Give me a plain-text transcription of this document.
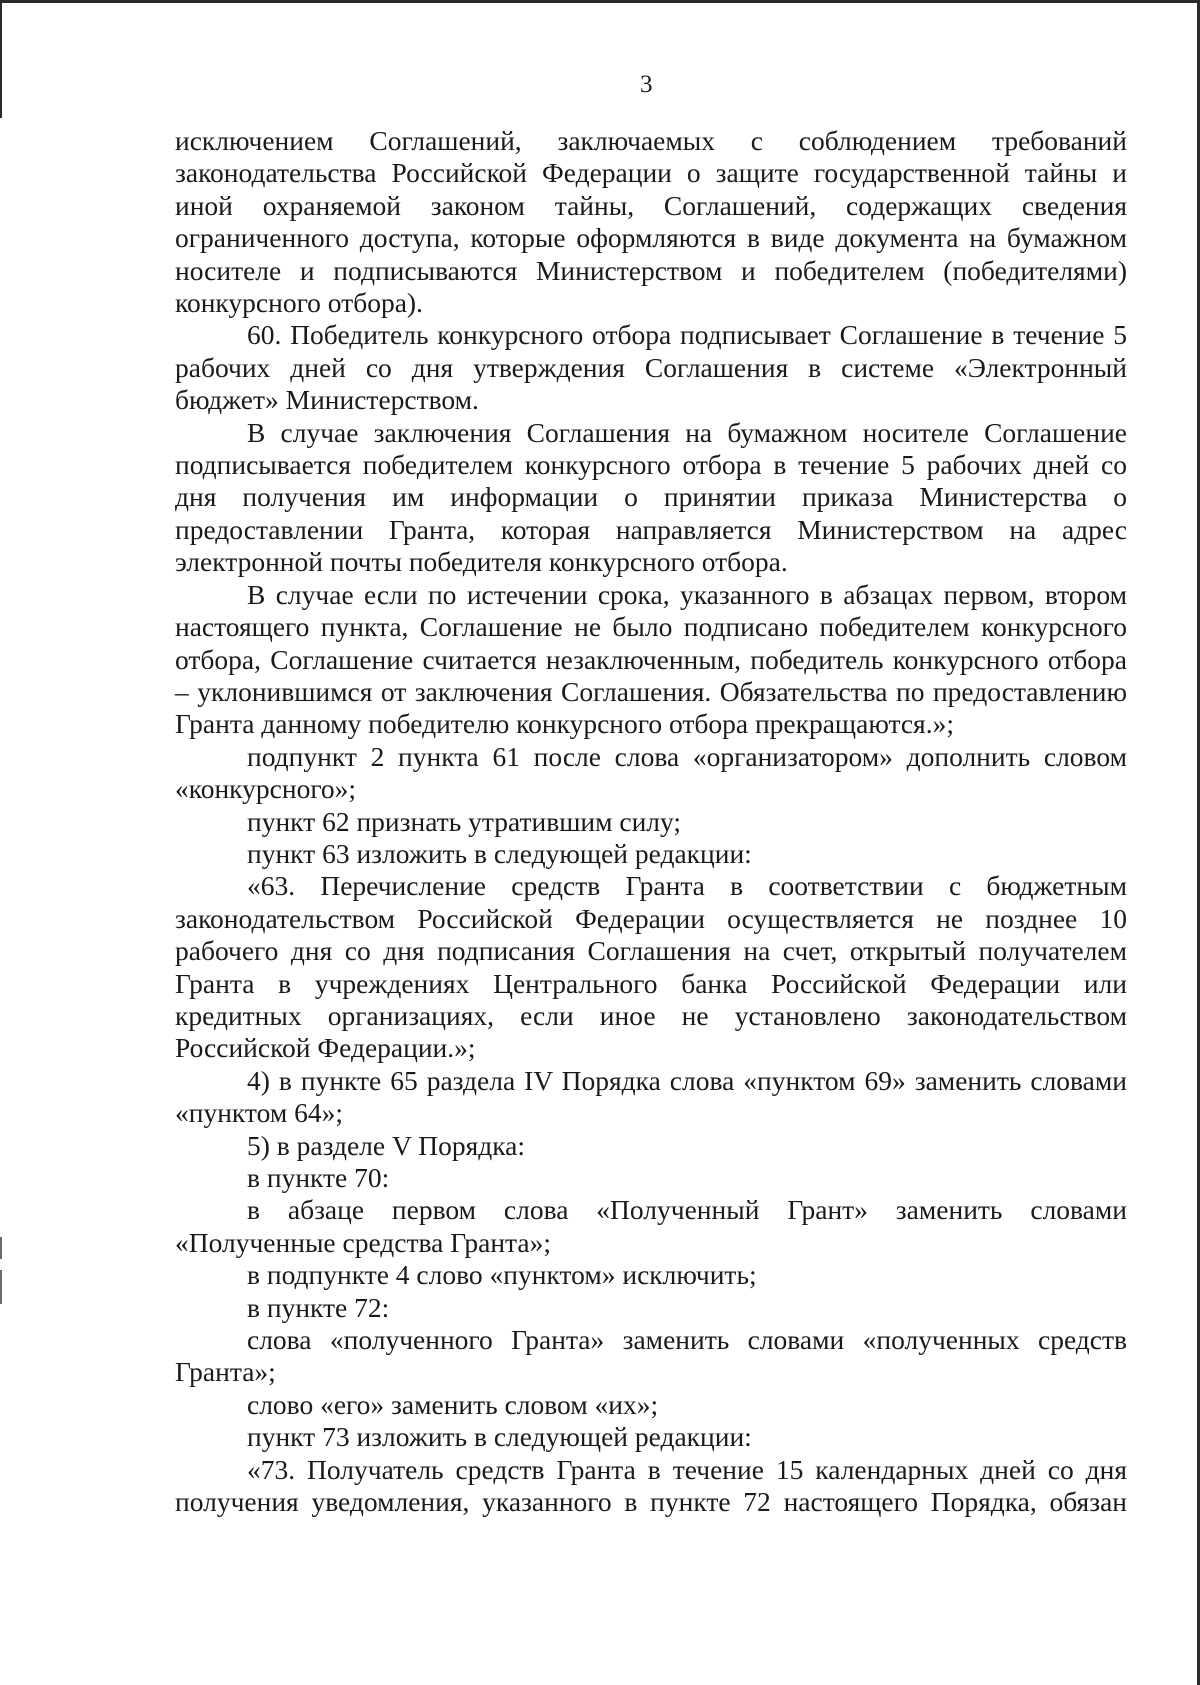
3

исключением Соглашений, заключаемых с соблюдением требований законодательства Российской Федерации о защите государственной тайны и иной охраняемой законом тайны, Соглашений, содержащих сведения ограниченного доступа, которые оформляются в виде документа на бумажном носителе и подписываются Министерством и победителем (победителями) конкурсного отбора).

60. Победитель конкурсного отбора подписывает Соглашение в течение 5 рабочих дней со дня утверждения Соглашения в системе «Электронный бюджет» Министерством.

В случае заключения Соглашения на бумажном носителе Соглашение подписывается победителем конкурсного отбора в течение 5 рабочих дней со дня получения им информации о принятии приказа Министерства о предоставлении Гранта, которая направляется Министерством на адрес электронной почты победителя конкурсного отбора.

В случае если по истечении срока, указанного в абзацах первом, втором настоящего пункта, Соглашение не было подписано победителем конкурсного отбора, Соглашение считается незаключенным, победитель конкурсного отбора – уклонившимся от заключения Соглашения. Обязательства по предоставлению Гранта данному победителю конкурсного отбора прекращаются.»;

подпункт 2 пункта 61 после слова «организатором» дополнить словом «конкурсного»;

пункт 62 признать утратившим силу;

пункт 63 изложить в следующей редакции:

«63. Перечисление средств Гранта в соответствии с бюджетным законодательством Российской Федерации осуществляется не позднее 10 рабочего дня со дня подписания Соглашения на счет, открытый получателем Гранта в учреждениях Центрального банка Российской Федерации или кредитных организациях, если иное не установлено законодательством Российской Федерации.»;

4) в пункте 65 раздела IV Порядка слова «пунктом 69» заменить словами «пунктом 64»;

5) в разделе V Порядка:

в пункте 70:

в абзаце первом слова «Полученный Грант» заменить словами «Полученные средства Гранта»;

в подпункте 4 слово «пунктом» исключить;

в пункте 72:

слова «полученного Гранта» заменить словами «полученных средств Гранта»;

слово «его» заменить словом «их»;

пункт 73 изложить в следующей редакции:

«73. Получатель средств Гранта в течение 15 календарных дней со дня получения уведомления, указанного в пункте 72 настоящего Порядка, обязан
